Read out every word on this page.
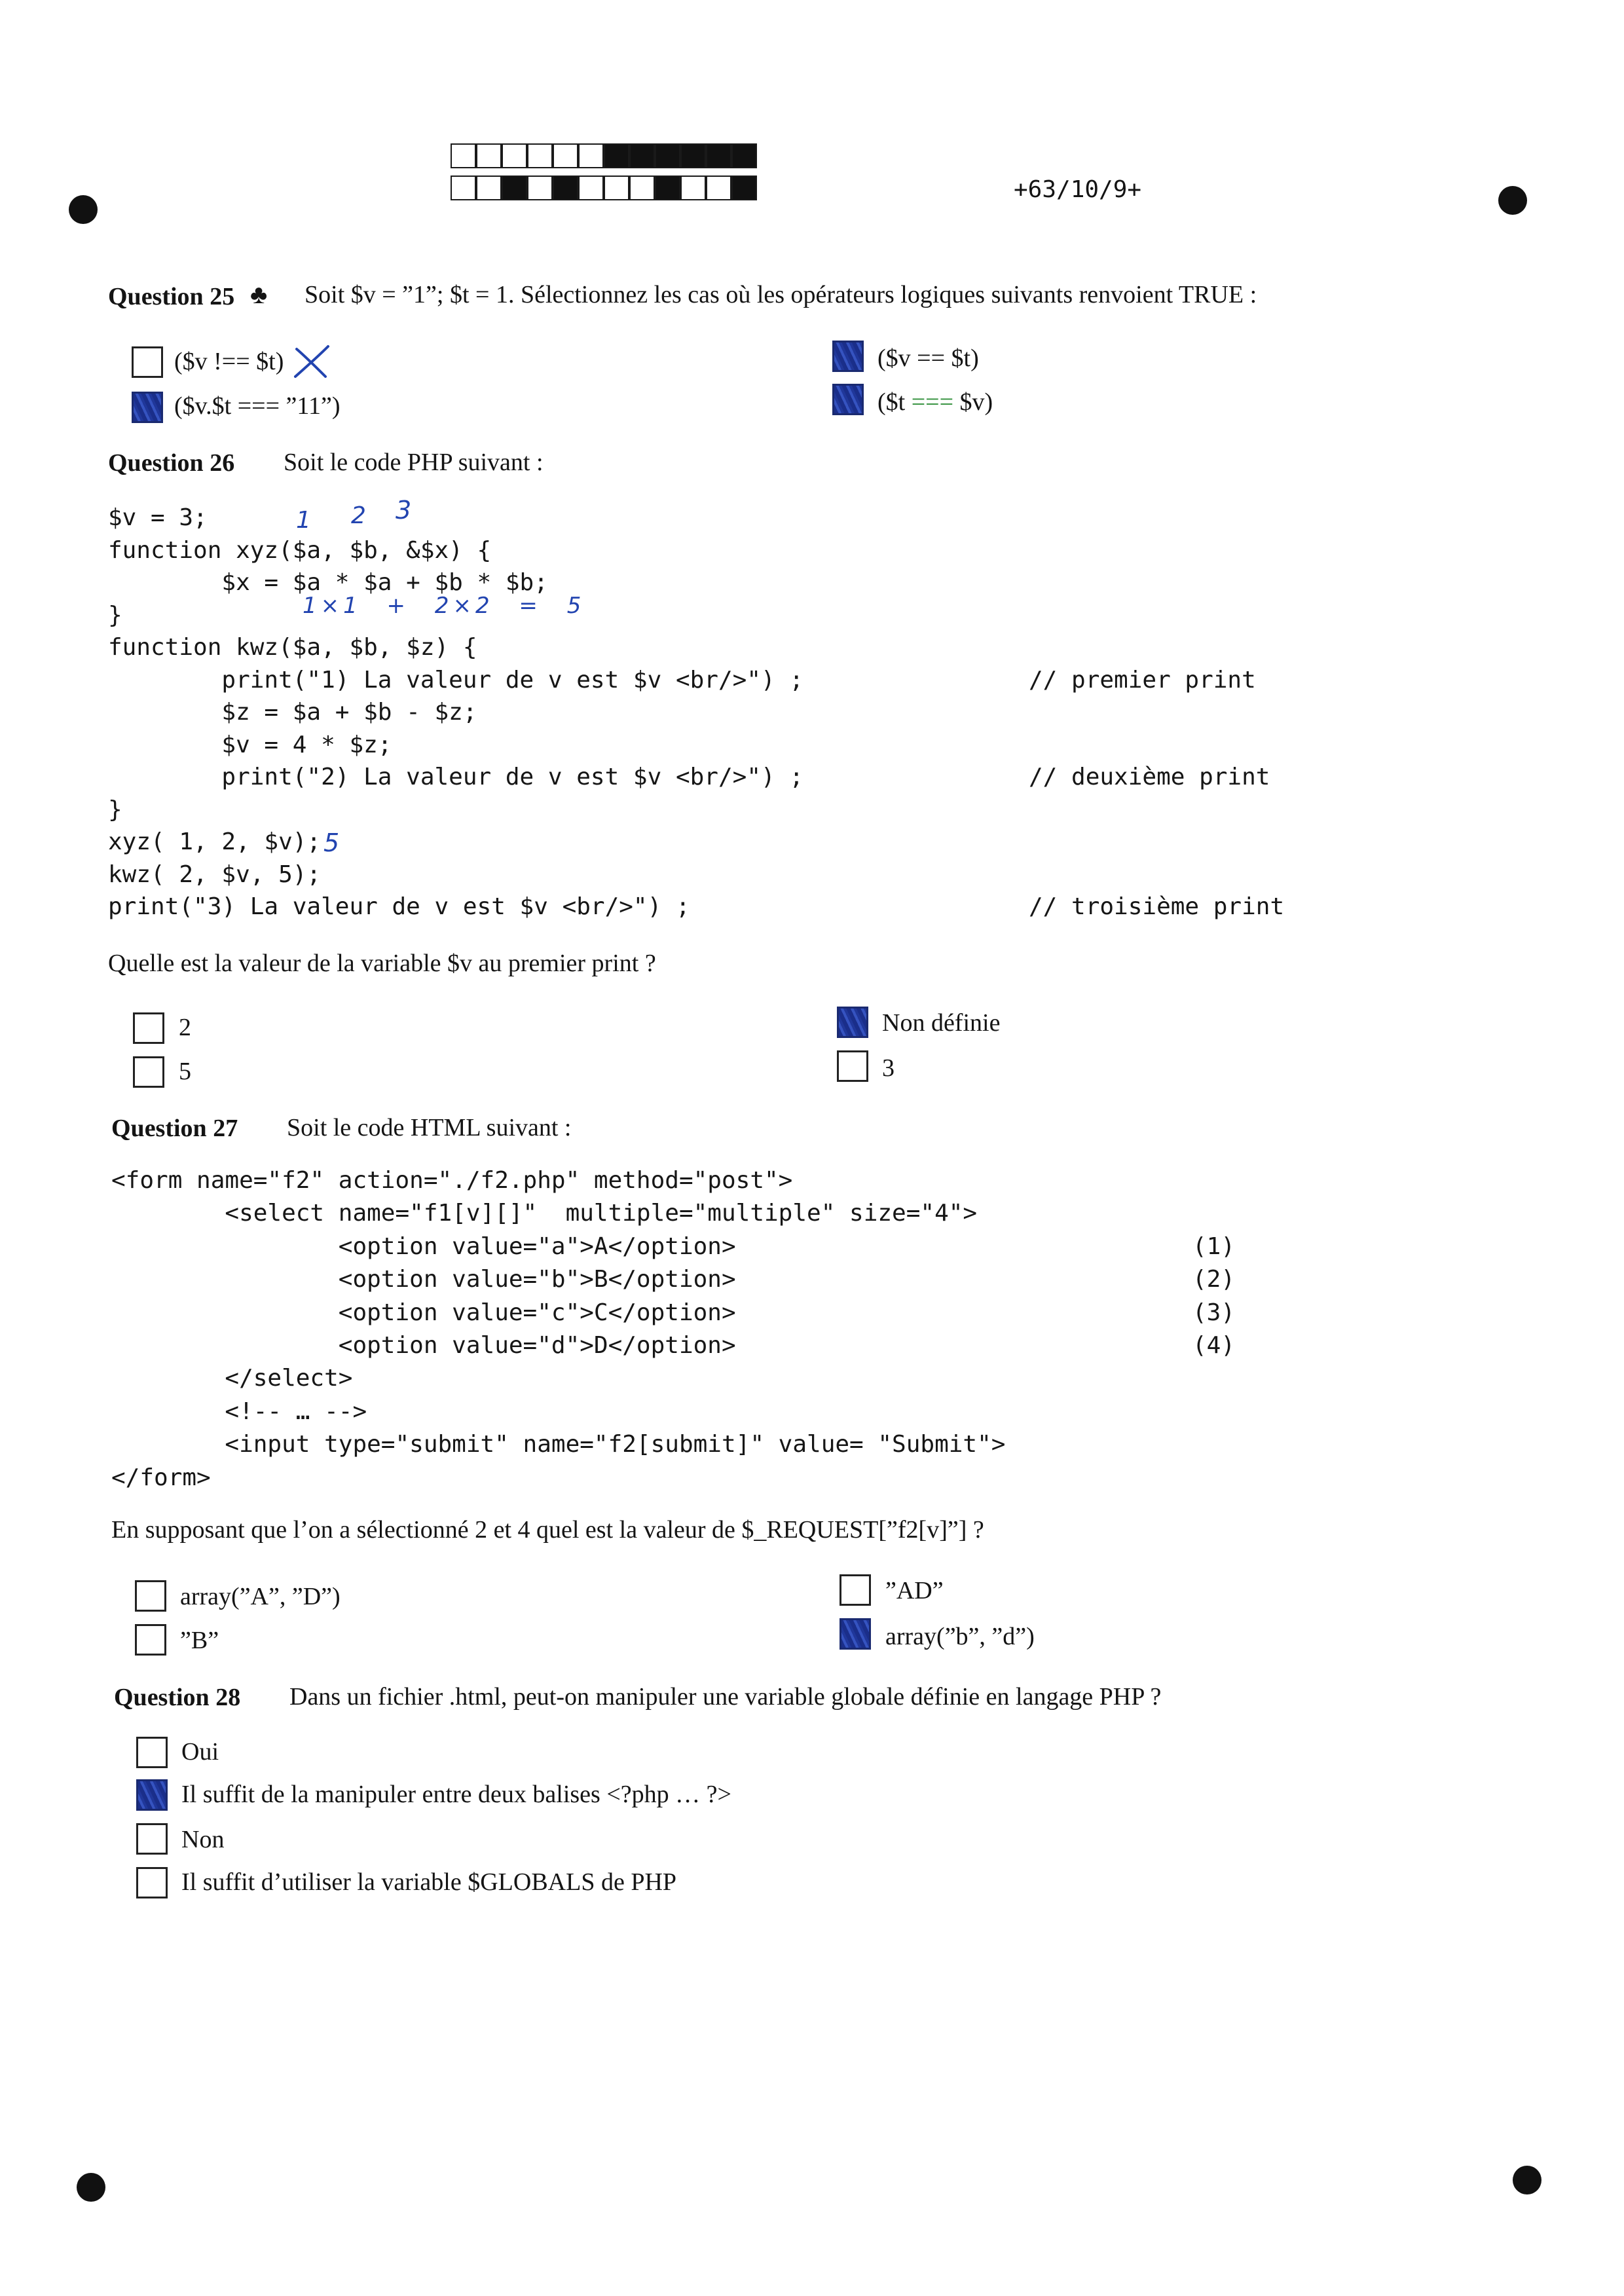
+63/10/9+
Question 25 ♣ Soit $v = ”1”; $t = 1. Sélectionnez les cas où les opérateurs logiques suivants renvoient TRUE :
($v !== $t)
($v.$t === ”11”)
($v == $t)
($t === $v)
Question 26 Soit le code PHP suivant :
$v = 3;
function xyz($a, $b, &$x) {
$x = $a * $a + $b * $b;
}
function kwz($a, $b, $z) {
print("1) La valeur de v est $v <br/>") ;	// premier print
$z = $a + $b - $z;
$v = 4 * $z;
print("2) La valeur de v est $v <br/>") ;	// deuxième print
}
xyz( 1, 2, $v);
kwz( 2, $v, 5);
print("3) La valeur de v est $v <br/>") ;	// troisième print
1 2 3
1×1 + 2×2 = 5
5
Quelle est la valeur de la variable $v au premier print ?
2
5
Non définie
3
Question 27 Soit le code HTML suivant :
<form name="f2" action="./f2.php" method="post">
<select name="f1[v][]"  multiple="multiple" size="4">
<option value="a">A</option>	(1)
<option value="b">B</option>	(2)
<option value="c">C</option>	(3)
<option value="d">D</option>	(4)
</select>
<!-- … -->
<input type="submit" name="f2[submit]" value= "Submit">
</form>
En supposant que l’on a sélectionné 2 et 4 quel est la valeur de $_REQUEST[”f2[v]”] ?
array(”A”, ”D”)
”B”
”AD”
array(”b”, ”d”)
Question 28 Dans un fichier .html, peut-on manipuler une variable globale définie en langage PHP ?
Oui
Il suffit de la manipuler entre deux balises <?php … ?>
Non
Il suffit d’utiliser la variable $GLOBALS de PHP
